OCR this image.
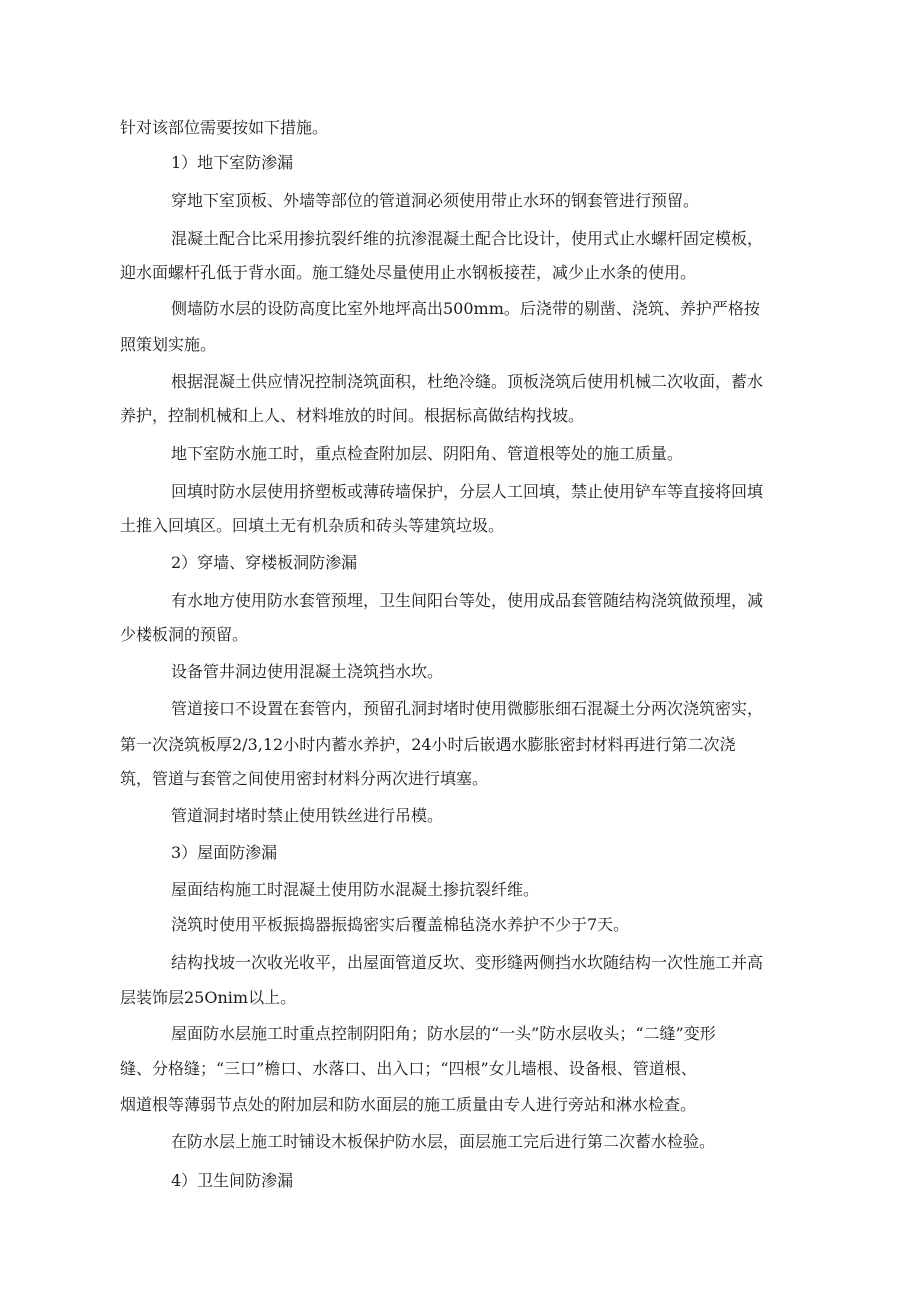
针对该部位需要按如下措施。

1）地下室防渗漏

穿地下室顶板、外墙等部位的管道洞必须使用带止水环的钢套管进行预留。

混凝土配合比采用掺抗裂纤维的抗渗混凝土配合比设计，使用式止水螺杆固定模板，

迎水面螺杆孔低于背水面。施工缝处尽量使用止水钢板接茬，减少止水条的使用。

侧墙防水层的设防高度比室外地坪高出500mm。后浇带的剔凿、浇筑、养护严格按

照策划实施。

根据混凝土供应情况控制浇筑面积，杜绝冷缝。顶板浇筑后使用机械二次收面，蓄水

养护，控制机械和上人、材料堆放的时间。根据标高做结构找坡。

地下室防水施工时，重点检查附加层、阴阳角、管道根等处的施工质量。

回填时防水层使用挤塑板或薄砖墙保护，分层人工回填，禁止使用铲车等直接将回填

土推入回填区。回填土无有机杂质和砖头等建筑垃圾。

2）穿墙、穿楼板洞防渗漏

有水地方使用防水套管预埋，卫生间阳台等处，使用成品套管随结构浇筑做预埋，减

少楼板洞的预留。

设备管井洞边使用混凝土浇筑挡水坎。

管道接口不设置在套管内，预留孔洞封堵时使用微膨胀细石混凝土分两次浇筑密实，

第一次浇筑板厚2/3,12小时内蓄水养护，24小时后嵌遇水膨胀密封材料再进行第二次浇

筑，管道与套管之间使用密封材料分两次进行填塞。

管道洞封堵时禁止使用铁丝进行吊模。

3）屋面防渗漏

屋面结构施工时混凝土使用防水混凝土掺抗裂纤维。

浇筑时使用平板振捣器振捣密实后覆盖棉毡浇水养护不少于7天。

结构找坡一次收光收平，出屋面管道反坎、变形缝两侧挡水坎随结构一次性施工并高

层装饰层25Onim以上。

屋面防水层施工时重点控制阴阳角；防水层的“一头”防水层收头；“二缝”变形

缝、分格缝；“三口”檐口、水落口、出入口；“四根”女儿墙根、设备根、管道根、

烟道根等薄弱节点处的附加层和防水面层的施工质量由专人进行旁站和淋水检查。

在防水层上施工时铺设木板保护防水层，面层施工完后进行第二次蓄水检验。

4）卫生间防渗漏
